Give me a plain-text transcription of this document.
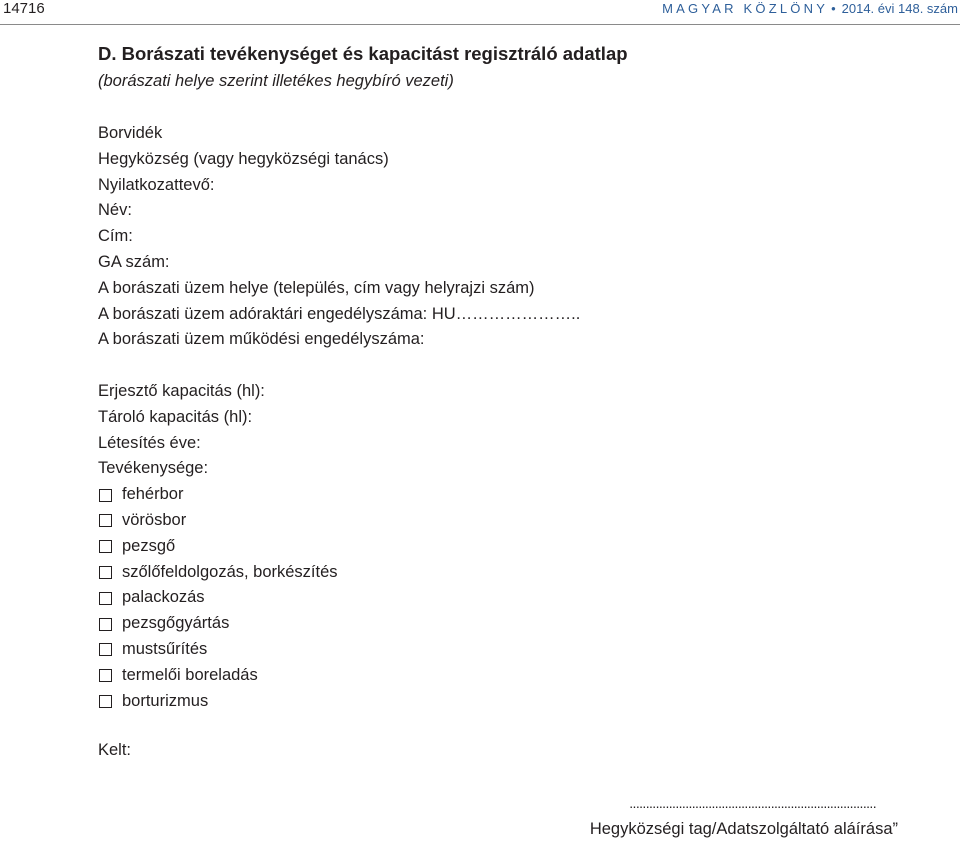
14716	MAGYAR KÖZLÖNY • 2014. évi 148. szám
D. Borászati tevékenységet és kapacitást regisztráló adatlap
(borászati helye szerint illetékes hegybíró vezeti)
Borvidék
Hegyközség (vagy hegyközségi tanács)
Nyilatkozattevő:
Név:
Cím:
GA szám:
A borászati üzem helye (település, cím vagy helyrajzi szám)
A borászati üzem adóraktári engedélyszáma: HU…………………..
A borászati üzem működési engedélyszáma:
Erjesztő kapacitás (hl):
Tároló kapacitás (hl):
Létesítés éve:
Tevékenysége:
fehérbor
vörösbor
pezsgő
szőlőfeldolgozás, borkészítés
palackozás
pezsgőgyártás
mustsűrítés
termelői boreladás
borturizmus
Kelt:
...........................................................................
Hegyközségi tag/Adatszolgáltató aláírása”
